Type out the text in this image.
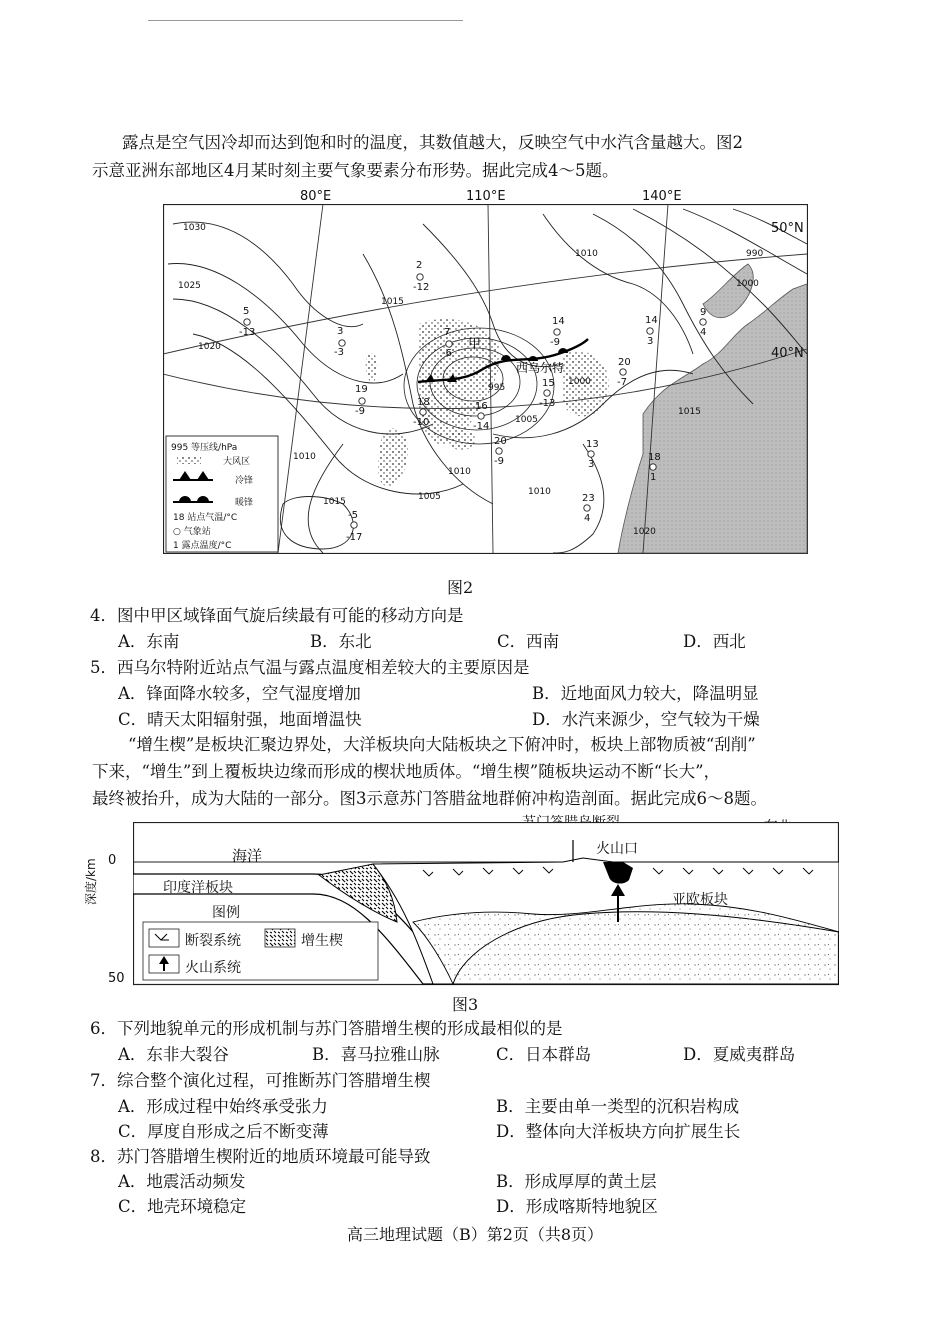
露点是空气因冷却而达到饱和时的温度，其数值越大，反映空气中水汽含量越大。图2
示意亚洲东部地区4月某时刻主要气象要素分布形势。据此完成4～5题。
80°E	110°E	140°E
2
-12
5
-13	3
-3
19
-9
7
-6
18
-10
16
-14
20
-9
14
-9
14
3
20
-7
15
-13
13
3
18
1
23
4
9
4
-5
-17
1030
1025
1020
1015
1010
1005
1000
995
990
1000
1015
1010
1010
1015
1020
1010
1005
甲
西乌尔特
995 等压线/hPa
大风区
冷锋
暖锋
18 站点气温/°C
○ 气象站
1 露点温度/°C
50°N
40°N
图2
4．图中甲区域锋面气旋后续最有可能的移动方向是
A．东南	B．东北	C．西南	D．西北
5．西乌尔特附近站点气温与露点温度相差较大的主要原因是
A．锋面降水较多，空气湿度增加	B．近地面风力较大，降温明显
C．晴天太阳辐射强，地面增温快	D．水汽来源少，空气较为干燥
“增生楔”是板块汇聚边界处，大洋板块向大陆板块之下俯冲时，板块上部物质被“刮削”
下来，“增生”到上覆板块边缘而形成的楔状地质体。“增生楔”随板块运动不断“长大”，
最终被抬升，成为大陆的一部分。图3示意苏门答腊盆地群俯冲构造剖面。据此完成6～8题。
0
50
深度/km
海洋	火山口
印度洋板块
亚欧板块
图例
断裂系统	增生楔
火山系统
图3
6．下列地貌单元的形成机制与苏门答腊增生楔的形成最相似的是
A．东非大裂谷	B．喜马拉雅山脉	C．日本群岛	D．夏威夷群岛
7．综合整个演化过程，可推断苏门答腊增生楔
A．形成过程中始终承受张力	B．主要由单一类型的沉积岩构成
C．厚度自形成之后不断变薄	D．整体向大洋板块方向扩展生长
8．苏门答腊增生楔附近的地质环境最可能导致
A．地震活动频发	B．形成厚厚的黄土层
C．地壳环境稳定	D．形成喀斯特地貌区
高三地理试题（B）第2页（共8页）
